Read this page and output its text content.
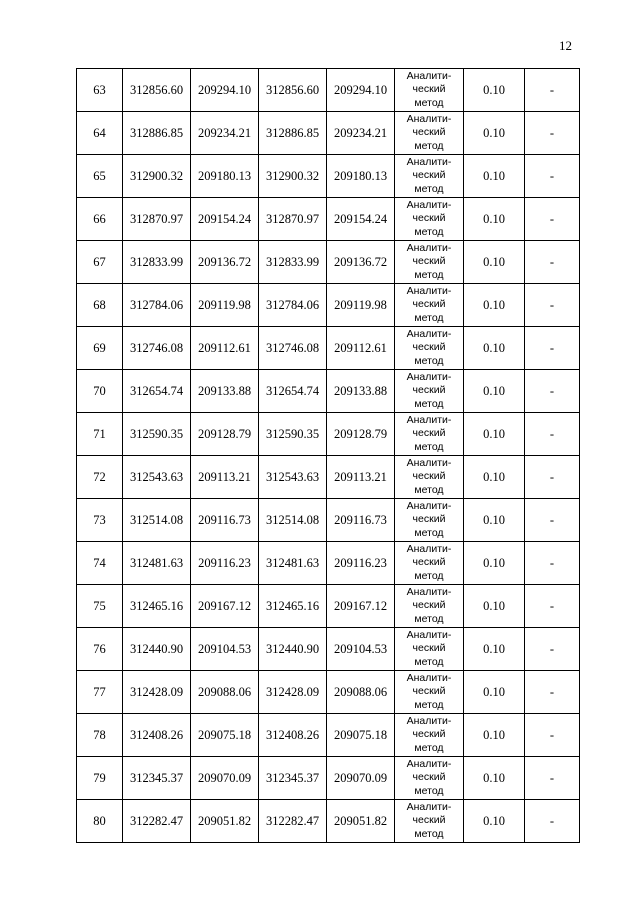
12
63	312856.60	209294.10	312856.60	209294.10	Аналити-
ческий
метод	0.10	-
64	312886.85	209234.21	312886.85	209234.21	Аналити-
ческий
метод	0.10	-
65	312900.32	209180.13	312900.32	209180.13	Аналити-
ческий
метод	0.10	-
66	312870.97	209154.24	312870.97	209154.24	Аналити-
ческий
метод	0.10	-
67	312833.99	209136.72	312833.99	209136.72	Аналити-
ческий
метод	0.10	-
68	312784.06	209119.98	312784.06	209119.98	Аналити-
ческий
метод	0.10	-
69	312746.08	209112.61	312746.08	209112.61	Аналити-
ческий
метод	0.10	-
70	312654.74	209133.88	312654.74	209133.88	Аналити-
ческий
метод	0.10	-
71	312590.35	209128.79	312590.35	209128.79	Аналити-
ческий
метод	0.10	-
72	312543.63	209113.21	312543.63	209113.21	Аналити-
ческий
метод	0.10	-
73	312514.08	209116.73	312514.08	209116.73	Аналити-
ческий
метод	0.10	-
74	312481.63	209116.23	312481.63	209116.23	Аналити-
ческий
метод	0.10	-
75	312465.16	209167.12	312465.16	209167.12	Аналити-
ческий
метод	0.10	-
76	312440.90	209104.53	312440.90	209104.53	Аналити-
ческий
метод	0.10	-
77	312428.09	209088.06	312428.09	209088.06	Аналити-
ческий
метод	0.10	-
78	312408.26	209075.18	312408.26	209075.18	Аналити-
ческий
метод	0.10	-
79	312345.37	209070.09	312345.37	209070.09	Аналити-
ческий
метод	0.10	-
80	312282.47	209051.82	312282.47	209051.82	Аналити-
ческий
метод	0.10	-
